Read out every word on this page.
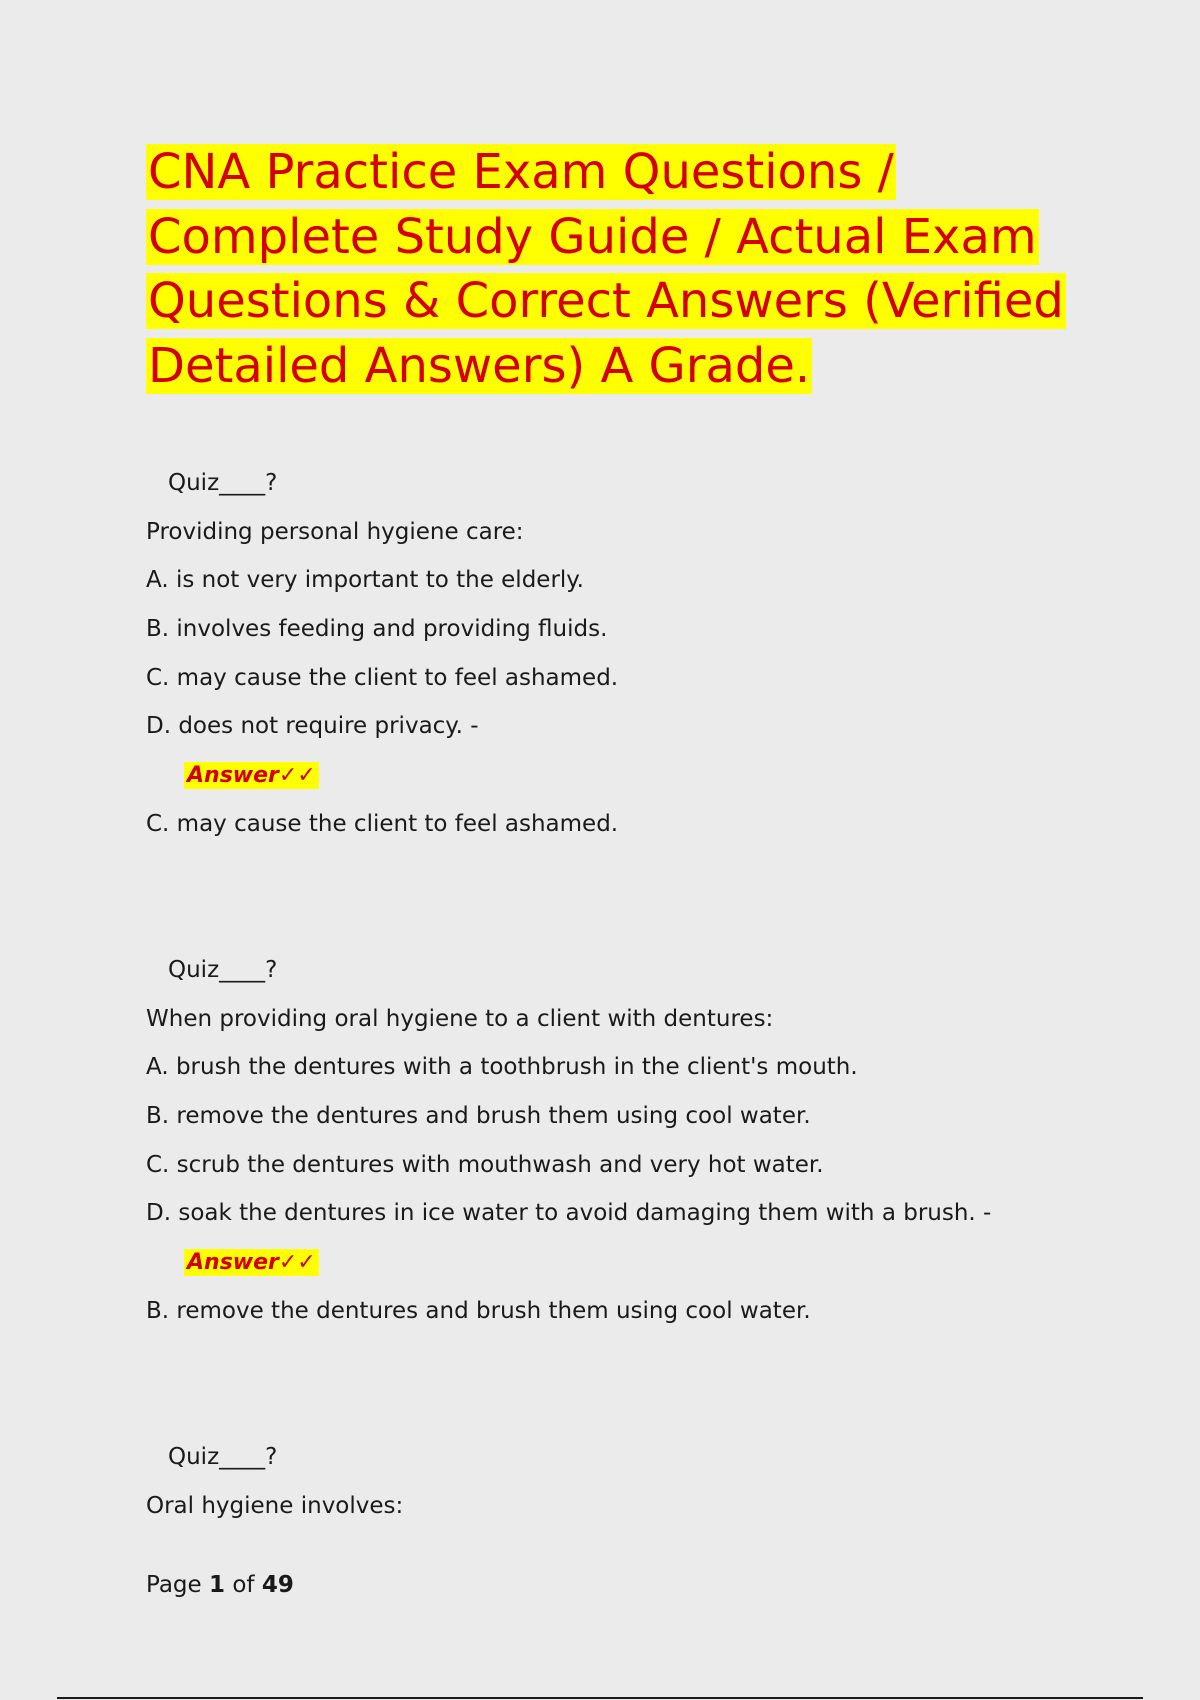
CNA Practice Exam Questions / Complete Study Guide / Actual Exam Questions & Correct Answers (Verified Detailed Answers) A Grade.
Quiz____?
Providing personal hygiene care:
A. is not very important to the elderly.
B. involves feeding and providing fluids.
C. may cause the client to feel ashamed.
D. does not require privacy. -
Answer✓✓
C. may cause the client to feel ashamed.
Quiz____?
When providing oral hygiene to a client with dentures:
A. brush the dentures with a toothbrush in the client's mouth.
B. remove the dentures and brush them using cool water.
C. scrub the dentures with mouthwash and very hot water.
D. soak the dentures in ice water to avoid damaging them with a brush. -
Answer✓✓
B. remove the dentures and brush them using cool water.
Quiz____?
Oral hygiene involves:
Page 1 of 49
